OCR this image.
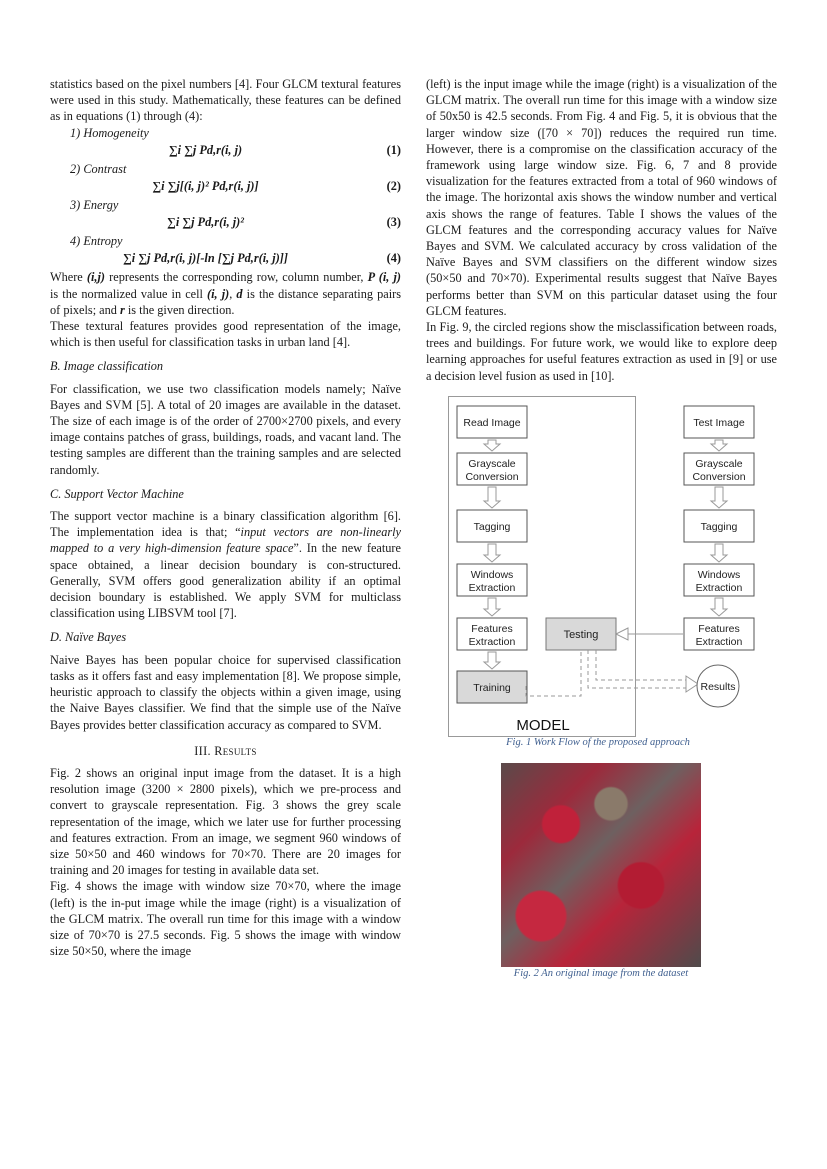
statistics based on the pixel numbers [4]. Four GLCM textural features were used in this study. Mathematically, these features can be defined as in equations (1) through (4):

1) Homogeneity
∑i ∑j Pd,r(i, j)	(1)
2) Contrast
∑i ∑j[(i, j)² Pd,r(i, j)]	(2)
3) Energy
∑i ∑j Pd,r(i, j)²	(3)
4) Entropy
∑i ∑j Pd,r(i, j)[-ln [∑j Pd,r(i, j)]]	(4)

Where (i,j) represents the corresponding row, column number, P (i, j) is the normalized value in cell (i, j), d is the distance separating pairs of pixels; and r is the given direction.

These textural features provides good representation of the image, which is then useful for classification tasks in urban land [4].

B. Image classification

For classification, we use two classification models namely; Naïve Bayes and SVM [5]. A total of 20 images are available in the dataset. The size of each image is of the order of 2700×2700 pixels, and every image contains patches of grass, buildings, roads, and vacant land. The testing samples are different than the training samples and are selected randomly.

C. Support Vector Machine

The support vector machine is a binary classification algorithm [6]. The implementation idea is that; “input vectors are non-linearly mapped to a very high-dimension feature space”. In the new feature space obtained, a linear decision boundary is con-structured. Generally, SVM offers good generalization ability if an optimal decision boundary is established. We apply SVM for multiclass classification using LIBSVM tool [7].

D. Naïve Bayes

Naive Bayes has been popular choice for supervised classification tasks as it offers fast and easy implementation [8]. We propose simple, heuristic approach to classify the objects within a given image, using the Naive Bayes classifier. We find that the simple use of the Naïve Bayes provides better classification accuracy as compared to SVM.

III. Results

Fig. 2 shows an original input image from the dataset. It is a high resolution image (3200 × 2800 pixels), which we pre-process and convert to grayscale representation. Fig. 3 shows the grey scale representation of the image, which we later use for further processing and features extraction. From an image, we segment 960 windows of size 50×50 and 460 windows for 70×70. There are 20 images for training and 20 images for testing in available data set.

Fig. 4 shows the image with window size 70×70, where the image (left) is the in-put image while the image (right) is a visualization of the GLCM matrix. The overall run time for this image with a window size of 70×70 is 27.5 seconds. Fig. 5 shows the image with window size 50×50, where the image

(left) is the input image while the image (right) is a visualization of the GLCM matrix. The overall run time for this image with a window size of 50x50 is 42.5 seconds. From Fig. 4 and Fig. 5, it is obvious that the larger window size ([70 × 70]) reduces the required run time. However, there is a compromise on the classification accuracy of the framework using large window size. Fig. 6, 7 and 8 provide visualization for the features extracted from a total of 960 windows of the image. The horizontal axis shows the window number and vertical axis shows the range of features. Table I shows the values of the GLCM features and the corresponding accuracy values for Naïve Bayes and SVM. We calculated accuracy by cross validation of the Naïve Bayes and SVM classifiers on the different window sizes (50×50 and 70×70). Experimental results suggest that Naïve Bayes performs better than SVM on this particular dataset using the four GLCM features.

In Fig. 9, the circled regions show the misclassification between roads, trees and buildings. For future work, we would like to explore deep learning approaches for useful features extraction as used in [9] or use a decision level fusion as used in [10].

MODEL
Read Image
Grayscale
Conversion
Tagging
Windows
Extraction
Features
Extraction
Training
Test Image
Grayscale
Conversion
Tagging
Windows
Extraction
Features
Extraction
Testing
Results
Fig. 1 Work Flow of the proposed approach
Fig. 2 An original image from the dataset
